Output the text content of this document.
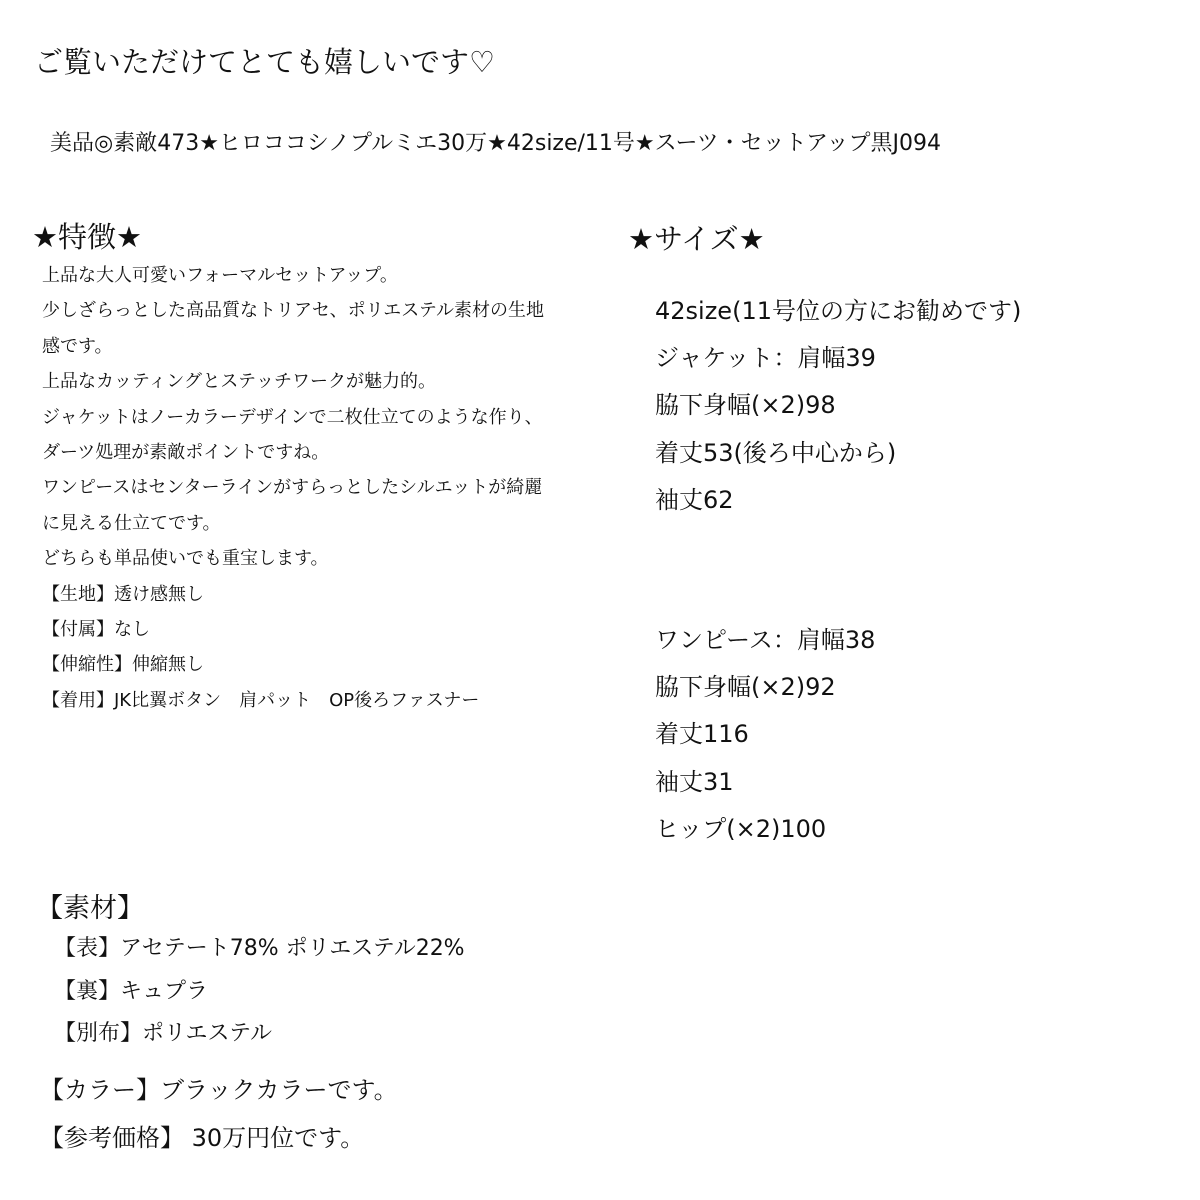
ご覧いただけてとても嬉しいです♡
美品◎素敵473★ヒロココシノプルミエ30万★42size/11号★スーツ・セットアップ黒J094
★特徴★
上品な大人可愛いフォーマルセットアップ。
少しざらっとした高品質なトリアセ、ポリエステル素材の生地
感です。
上品なカッティングとステッチワークが魅力的。
ジャケットはノーカラーデザインで二枚仕立てのような作り、
ダーツ処理が素敵ポイントですね。
ワンピースはセンターラインがすらっとしたシルエットが綺麗
に見える仕立てです。
どちらも単品使いでも重宝します。
【生地】透け感無し
【付属】なし
【伸縮性】伸縮無し
【着用】JK比翼ボタン　肩パット　OP後ろファスナー
★サイズ★
42size(11号位の方にお勧めです)
ジャケット：肩幅39
脇下身幅(×2)98
着丈53(後ろ中心から)
袖丈62
ワンピース：肩幅38
脇下身幅(×2)92
着丈116
袖丈31
ヒップ(×2)100
【素材】
【表】アセテート78% ポリエステル22%
【裏】キュプラ
【別布】ポリエステル
【カラー】ブラックカラーです。
【参考価格】 30万円位です。
